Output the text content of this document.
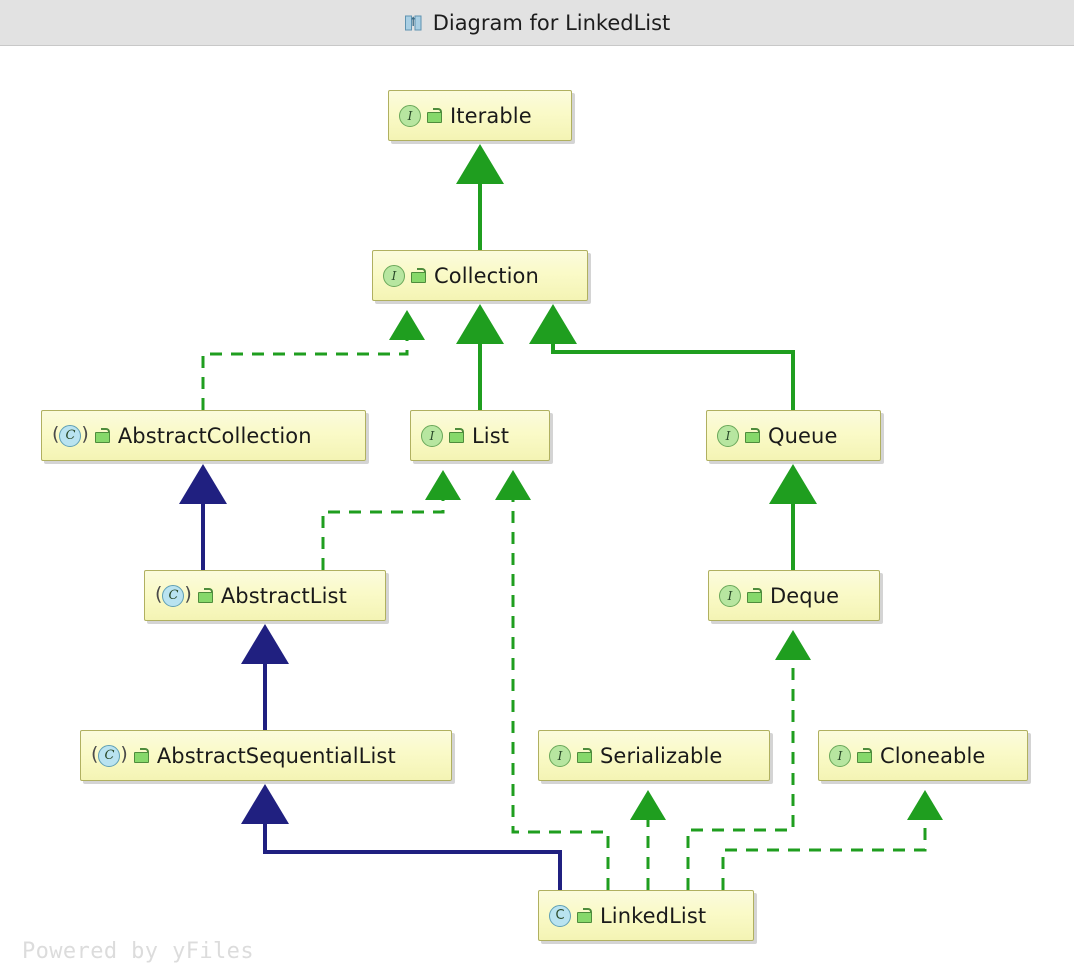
Diagram for LinkedList
I	Iterable
I	Collection
( C ) AbstractCollection	I	List	I	Queue
( C ) AbstractList	I	Deque
( C ) AbstractSequentialList	I	Serializable	I	Cloneable
C	LinkedList
Powered by yFiles
